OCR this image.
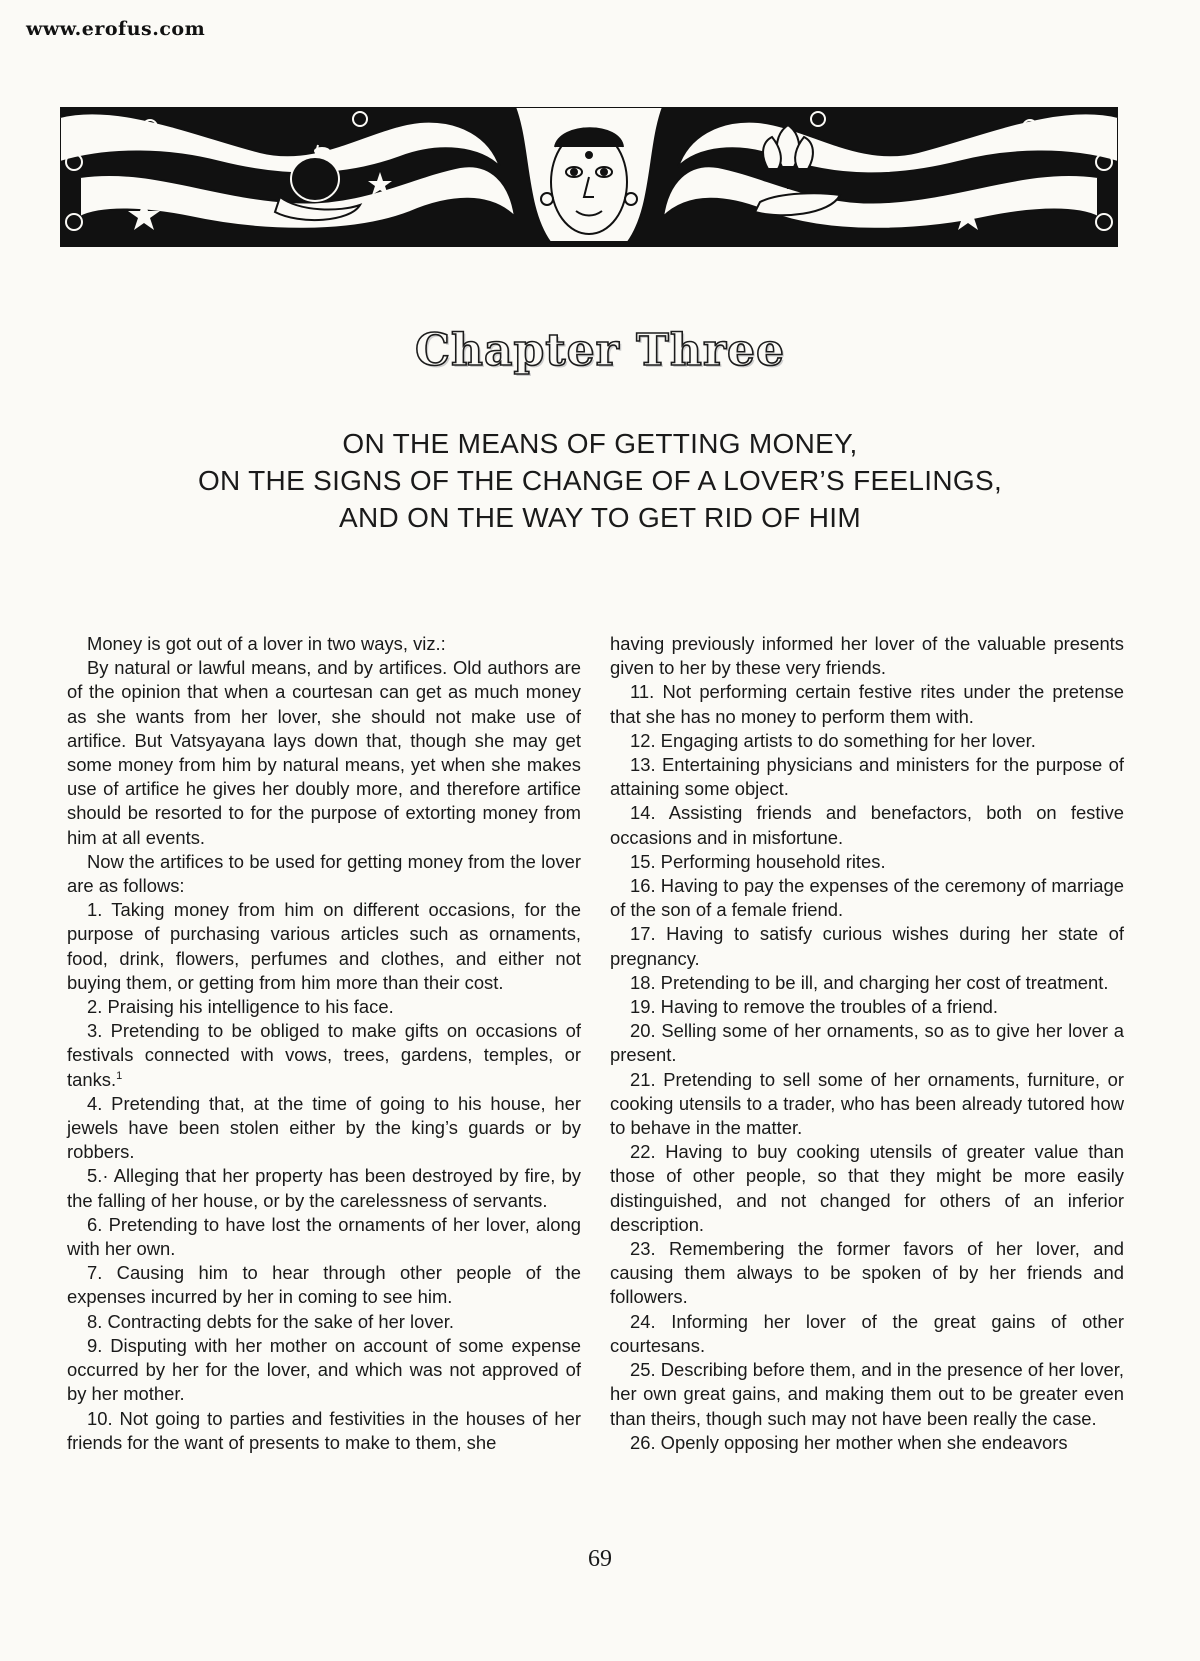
www.erofus.com
Chapter Three
ON THE MEANS OF GETTING MONEY,
ON THE SIGNS OF THE CHANGE OF A LOVER’S FEELINGS,
AND ON THE WAY TO GET RID OF HIM

Money is got out of a lover in two ways, viz.:

By natural or lawful means, and by artifices. Old authors are of the opinion that when a courtesan can get as much money as she wants from her lover, she should not make use of artifice. But Vatsyayana lays down that, though she may get some money from him by natural means, yet when she makes use of artifice he gives her doubly more, and therefore artifice should be resorted to for the purpose of extorting money from him at all events.

Now the artifices to be used for getting money from the lover are as follows:

1. Taking money from him on different occasions, for the purpose of purchasing various articles such as ornaments, food, drink, flowers, perfumes and clothes, and either not buying them, or getting from him more than their cost.

2. Praising his intelligence to his face.

3. Pretending to be obliged to make gifts on occasions of festivals connected with vows, trees, gardens, temples, or tanks.$^1$

4. Pretending that, at the time of going to his house, her jewels have been stolen either by the king’s guards or by robbers.

5.· Alleging that her property has been destroyed by fire, by the falling of her house, or by the carelessness of servants.

6. Pretending to have lost the ornaments of her lover, along with her own.

7. Causing him to hear through other people of the expenses incurred by her in coming to see him.

8. Contracting debts for the sake of her lover.

9. Disputing with her mother on account of some expense occurred by her for the lover, and which was not approved of by her mother.

10. Not going to parties and festivities in the houses of her friends for the want of presents to make to them, she

having previously informed her lover of the valuable presents given to her by these very friends.

11. Not performing certain festive rites under the pretense that she has no money to perform them with.

12. Engaging artists to do something for her lover.

13. Entertaining physicians and ministers for the purpose of attaining some object.

14. Assisting friends and benefactors, both on festive occasions and in misfortune.

15. Performing household rites.

16. Having to pay the expenses of the ceremony of marriage of the son of a female friend.

17. Having to satisfy curious wishes during her state of pregnancy.

18. Pretending to be ill, and charging her cost of treatment.

19. Having to remove the troubles of a friend.

20. Selling some of her ornaments, so as to give her lover a present.

21. Pretending to sell some of her ornaments, furniture, or cooking utensils to a trader, who has been already tutored how to behave in the matter.

22. Having to buy cooking utensils of greater value than those of other people, so that they might be more easily distinguished, and not changed for others of an inferior description.

23. Remembering the former favors of her lover, and causing them always to be spoken of by her friends and followers.

24. Informing her lover of the great gains of other courtesans.

25. Describing before them, and in the presence of her lover, her own great gains, and making them out to be greater even than theirs, though such may not have been really the case.

26. Openly opposing her mother when she endeavors

69
